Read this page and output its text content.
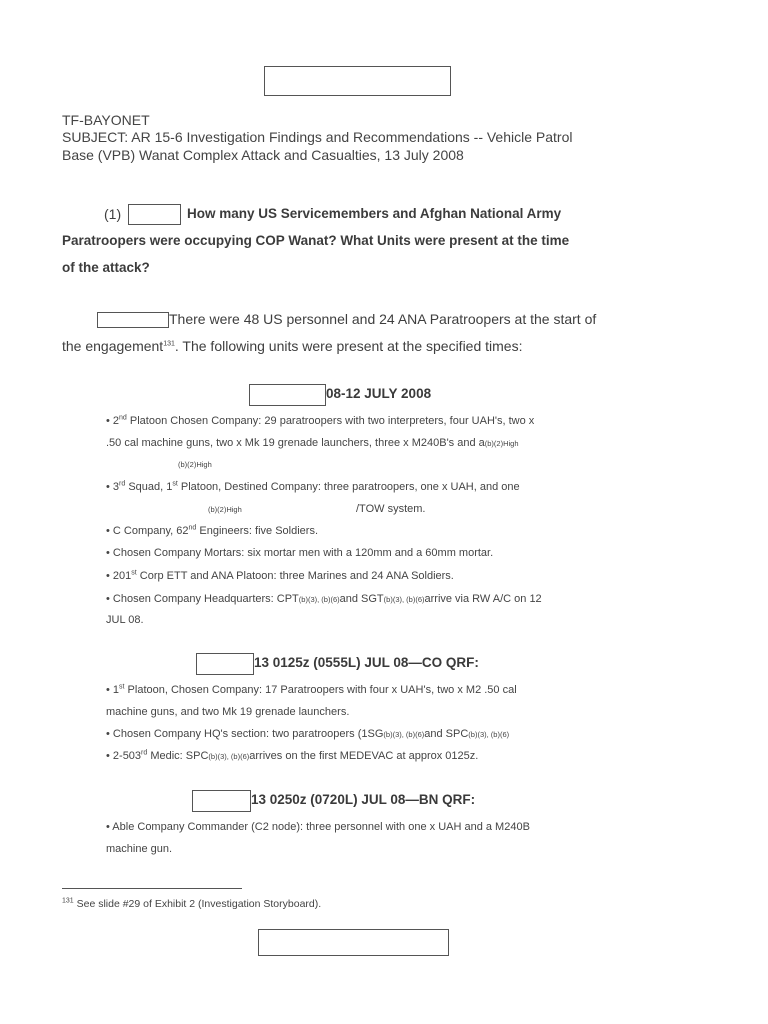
TF-BAYONET
SUBJECT: AR 15-6 Investigation Findings and Recommendations -- Vehicle Patrol
Base (VPB) Wanat Complex Attack and Casualties, 13 July 2008
(1)	How many US Servicemembers and Afghan National Army
Paratroopers were occupying COP Wanat? What Units were present at the time
of the attack?
There were 48 US personnel and 24 ANA Paratroopers at the start of
the engagement$^{131}$. The following units were present at the specified times:
08-12 JULY 2008
• 2nd Platoon Chosen Company: 29 paratroopers with two interpreters, four UAH's, two x
.50 cal machine guns, two x Mk 19 grenade launchers, three x M240B's and a(b)(2)High
(b)(2)High
• 3rd Squad, 1st Platoon, Destined Company: three paratroopers, one x UAH, and one
(b)(2)High	/TOW system.
• C Company, 62nd Engineers: five Soldiers.
• Chosen Company Mortars: six mortar men with a 120mm and a 60mm mortar.
• 201st Corp ETT and ANA Platoon: three Marines and 24 ANA Soldiers.
• Chosen Company Headquarters: CPT(b)(3), (b)(6)and SGT(b)(3), (b)(6)arrive via RW A/C on 12
JUL 08.
13 0125z (0555L) JUL 08—CO QRF:
• 1st Platoon, Chosen Company: 17 Paratroopers with four x UAH's, two x M2 .50 cal
machine guns, and two Mk 19 grenade launchers.
• Chosen Company HQ's section: two paratroopers (1SG(b)(3), (b)(6)and SPC(b)(3), (b)(6)
• 2-503rd Medic: SPC(b)(3), (b)(6)arrives on the first MEDEVAC at approx 0125z.
13 0250z (0720L) JUL 08—BN QRF:
• Able Company Commander (C2 node): three personnel with one x UAH and a M240B
machine gun.
$^{131}$ See slide #29 of Exhibit 2 (Investigation Storyboard).
